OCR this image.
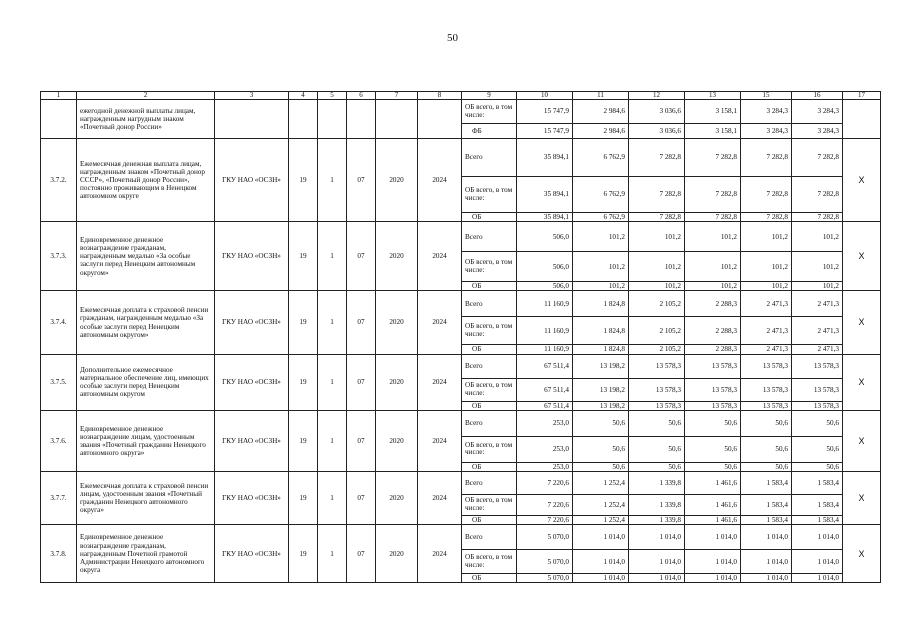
50
1	2	3	4	5	6	7	8	9	10	11	12	13	15	16	17
	ежегодной денежной выплаты лицам, награжденным нагрудным знаком «Почетный донор России»							ОБ всего, в том числе:	15 747,9	2 984,6	3 036,6	3 158,1	3 284,3	3 284,3	
								ФБ	15 747,9	2 984,6	3 036,6	3 158,1	3 284,3	3 284,3	
3.7.2.	Ежемесячная денежная выплата лицам, награжденным знаком «Почетный донор СССР», «Почетный донор России», постоянно проживающим в Ненецком автономном округе	ГКУ НАО «ОСЗН»	19	1	07	2020	2024	Всего	35 894,1	6 762,9	7 282,8	7 282,8	7 282,8	7 282,8	X
								ОБ всего, в том числе:	35 894,1	6 762,9	7 282,8	7 282,8	7 282,8	7 282,8	
								ОБ	35 894,1	6 762,9	7 282,8	7 282,8	7 282,8	7 282,8	
3.7.3.	Единовременное денежное вознаграждение гражданам, награжденным медалью «За особые заслуги перед Ненецким автономным округом»	ГКУ НАО «ОСЗН»	19	1	07	2020	2024	Всего	506,0	101,2	101,2	101,2	101,2	101,2	X
								ОБ всего, в том числе:	506,0	101,2	101,2	101,2	101,2	101,2	
								ОБ	506,0	101,2	101,2	101,2	101,2	101,2	
3.7.4.	Ежемесячная доплата к страховой пенсии гражданам, награжденным медалью «За особые заслуги перед Ненецким автономным округом»	ГКУ НАО «ОСЗН»	19	1	07	2020	2024	Всего	11 160,9	1 824,8	2 105,2	2 288,3	2 471,3	2 471,3	X
								ОБ всего, в том числе:	11 160,9	1 824,8	2 105,2	2 288,3	2 471,3	2 471,3	
								ОБ	11 160,9	1 824,8	2 105,2	2 288,3	2 471,3	2 471,3	
3.7.5.	Дополнительное ежемесячное материальное обеспечение лиц, имеющих особые заслуги перед Ненецким автономным округом	ГКУ НАО «ОСЗН»	19	1	07	2020	2024	Всего	67 511,4	13 198,2	13 578,3	13 578,3	13 578,3	13 578,3	X
								ОБ всего, в том числе:	67 511,4	13 198,2	13 578,3	13 578,3	13 578,3	13 578,3	
								ОБ	67 511,4	13 198,2	13 578,3	13 578,3	13 578,3	13 578,3	
3.7.6.	Единовременное денежное вознаграждение лицам, удостоенным звания «Почетный гражданин Ненецкого автономного округа»	ГКУ НАО «ОСЗН»	19	1	07	2020	2024	Всего	253,0	50,6	50,6	50,6	50,6	50,6	X
								ОБ всего, в том числе:	253,0	50,6	50,6	50,6	50,6	50,6	
								ОБ	253,0	50,6	50,6	50,6	50,6	50,6	
3.7.7.	Ежемесячная доплата к страховой пенсии лицам, удостоенным звания «Почетный гражданин Ненецкого автономного округа»	ГКУ НАО «ОСЗН»	19	1	07	2020	2024	Всего	7 220,6	1 252,4	1 339,8	1 461,6	1 583,4	1 583,4	X
								ОБ всего, в том числе:	7 220,6	1 252,4	1 339,8	1 461,6	1 583,4	1 583,4	
								ОБ	7 220,6	1 252,4	1 339,8	1 461,6	1 583,4	1 583,4	
3.7.8.	Единовременное денежное вознаграждение гражданам, награжденным Почетной грамотой Администрации Ненецкого автономного округа	ГКУ НАО «ОСЗН»	19	1	07	2020	2024	Всего	5 070,0	1 014,0	1 014,0	1 014,0	1 014,0	1 014,0	X
								ОБ всего, в том числе:	5 070,0	1 014,0	1 014,0	1 014,0	1 014,0	1 014,0	
								ОБ	5 070,0	1 014,0	1 014,0	1 014,0	1 014,0	1 014,0	
